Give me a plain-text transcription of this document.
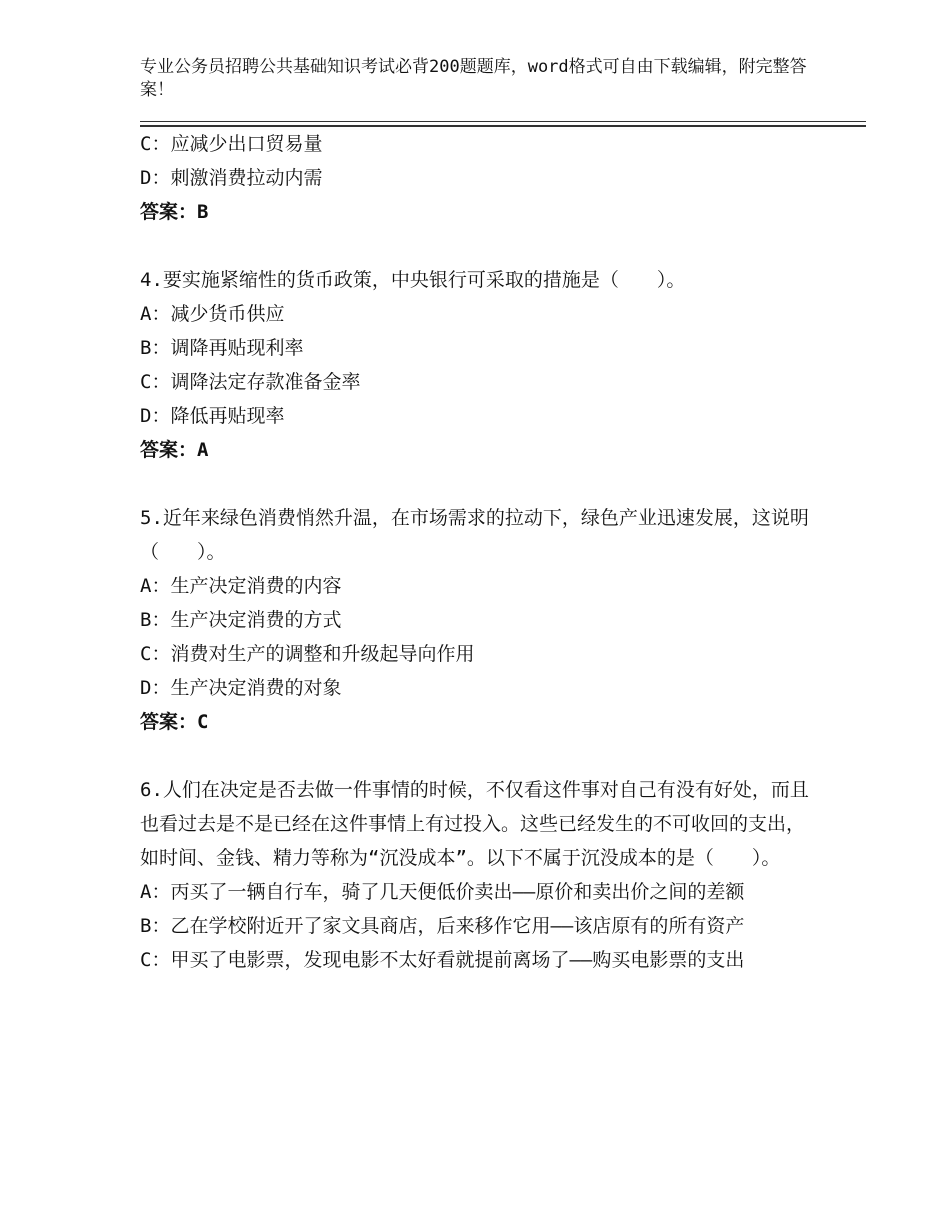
专业公务员招聘公共基础知识考试必背200题题库，word格式可自由下载编辑，附完整答案！
C：应减少出口贸易量
D：刺激消费拉动内需
答案：B
4.要实施紧缩性的货币政策，中央银行可采取的措施是（　　）。
A：减少货币供应
B：调降再贴现利率
C：调降法定存款准备金率
D：降低再贴现率
答案：A
5.近年来绿色消费悄然升温，在市场需求的拉动下，绿色产业迅速发展，这说明（　　）。
A：生产决定消费的内容
B：生产决定消费的方式
C：消费对生产的调整和升级起导向作用
D：生产决定消费的对象
答案：C
6.人们在决定是否去做一件事情的时候，不仅看这件事对自己有没有好处，而且也看过去是不是已经在这件事情上有过投入。这些已经发生的不可收回的支出，如时间、金钱、精力等称为“沉没成本”。以下不属于沉没成本的是（　　）。
A：丙买了一辆自行车，骑了几天便低价卖出——原价和卖出价之间的差额
B：乙在学校附近开了家文具商店，后来移作它用——该店原有的所有资产
C：甲买了电影票，发现电影不太好看就提前离场了——购买电影票的支出
